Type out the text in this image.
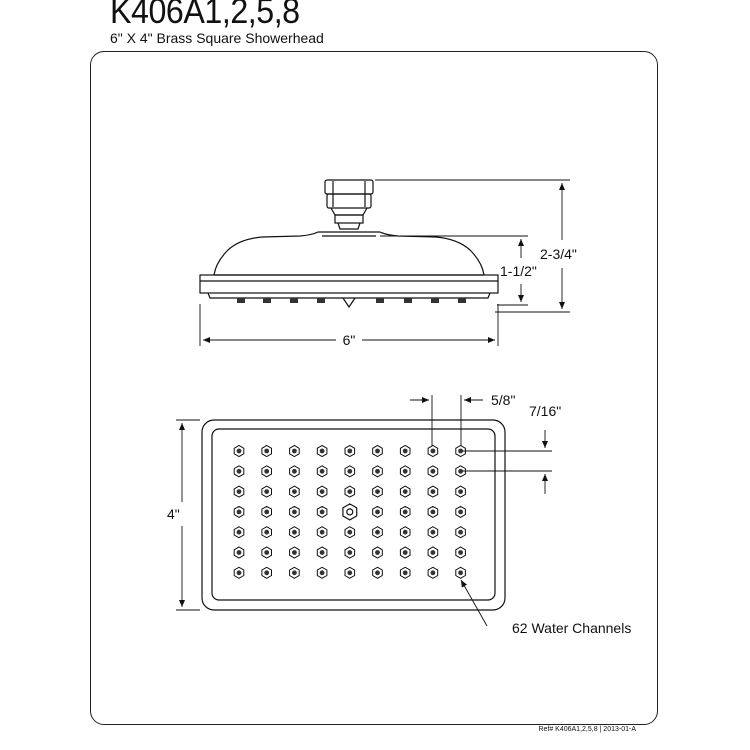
K406A1,2,5,8
6" X 4" Brass Square Showerhead
Ref# K406A1,2,5,8 | 2013-01-A
6"
2-3/4"
1-1/2"
4"
5/8"
7/16"
62 Water Channels
